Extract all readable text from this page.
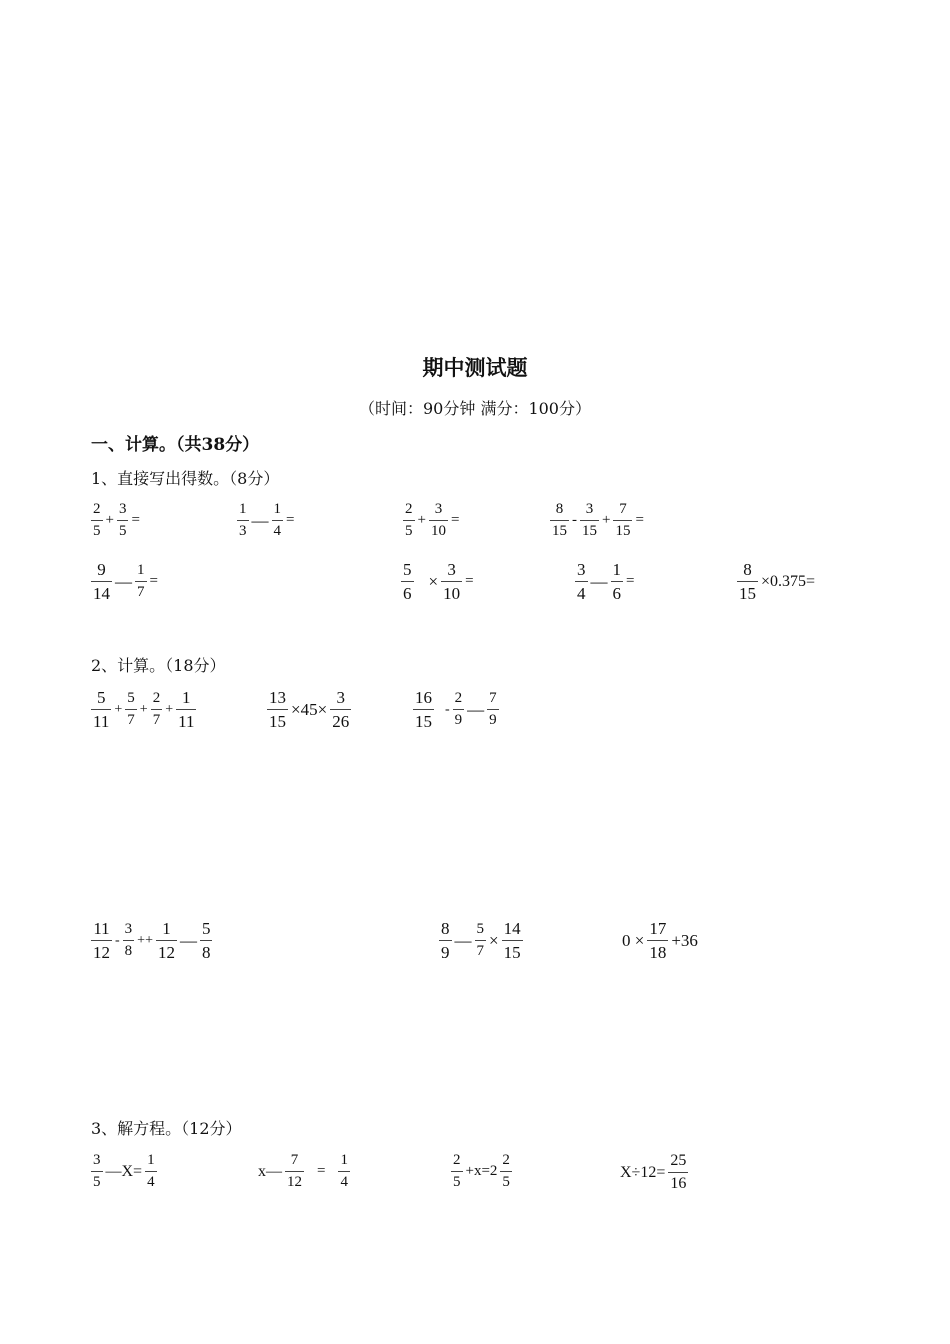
期中测试题
（时间：90分钟 满分：100分）
一、计算。（共38分）
1、直接写出得数。（8分）
$\frac{2}{5} + \frac{3}{5}$ =	$\frac{1}{3}$ — $\frac{1}{4}$ =	$\frac{2}{5} + \frac{3}{10}$ =	$\frac{8}{15} - \frac{3}{15} + \frac{7}{15}$ =
$\frac{9}{14}$ — $\frac{1}{7}$ =	$\frac{5}{6} \times \frac{3}{10}$ =	$\frac{3}{4}$ — $\frac{1}{6}$ =	$\frac{8}{15} \times 0.375=$
2、计算。（18分）
$\frac{5}{11} + \frac{5}{7} + \frac{2}{7} + \frac{1}{11}$	$\frac{13}{15} \times 45\times \frac{3}{26}$	$\frac{16}{15} - \frac{2}{9}$ — $\frac{7}{9}$
$\frac{11}{12} - \frac{3}{8} ++ \frac{1}{12}$ — $\frac{5}{8}$	$\frac{8}{9}$ — $\frac{5}{7} \times \frac{14}{15}$	$0 \times \frac{17}{18} +36$
3、解方程。（12分）
$\frac{3}{5}$ —X= $\frac{1}{4}$	x— $\frac{7}{12} = \frac{1}{4}$	$\frac{2}{5} +x=2 \frac{2}{5}$	$X\div 12= \frac{25}{16}$
